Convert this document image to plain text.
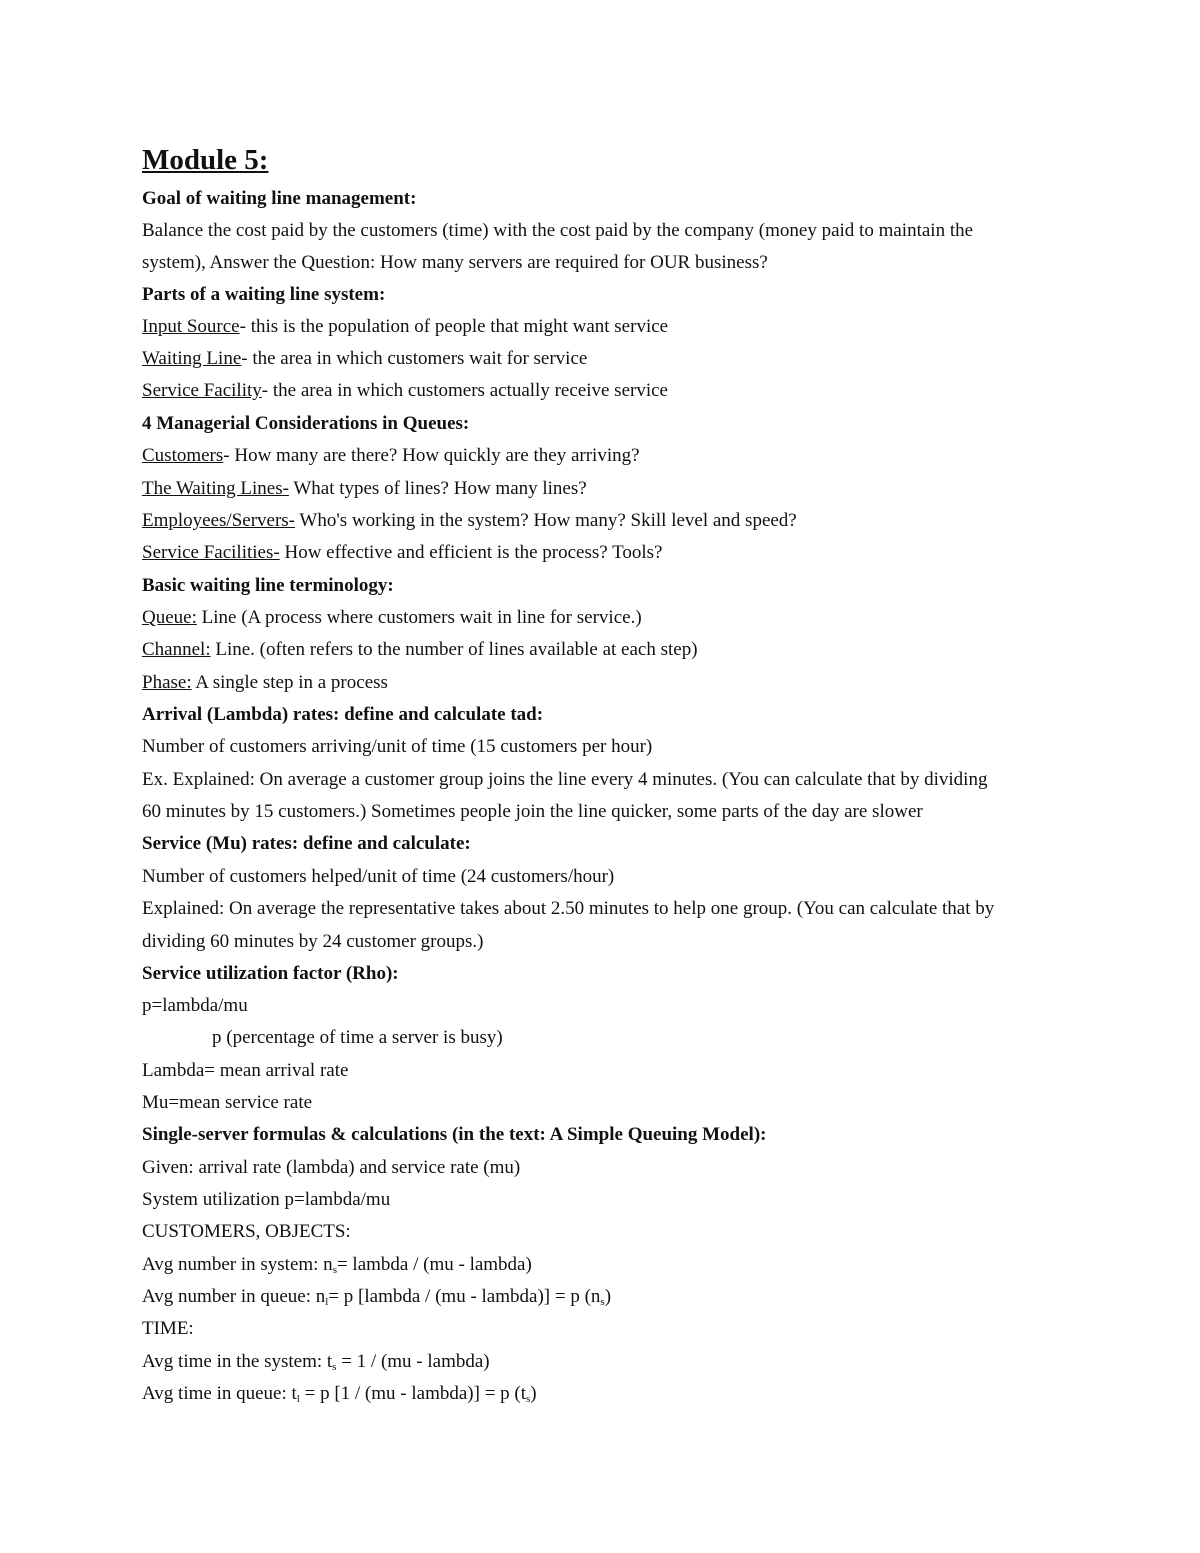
Module 5:
Goal of waiting line management:
Balance the cost paid by the customers (time) with the cost paid by the company (money paid to maintain the
system), Answer the Question: How many servers are required for OUR business?
Parts of a waiting line system:
Input Source- this is the population of people that might want service
Waiting Line- the area in which customers wait for service
Service Facility- the area in which customers actually receive service
4 Managerial Considerations in Queues:
Customers- How many are there? How quickly are they arriving?
The Waiting Lines- What types of lines? How many lines?
Employees/Servers- Who's working in the system? How many? Skill level and speed?
Service Facilities- How effective and efficient is the process? Tools?
Basic waiting line terminology:
Queue: Line (A process where customers wait in line for service.)
Channel: Line. (often refers to the number of lines available at each step)
Phase: A single step in a process
Arrival (Lambda) rates: define and calculate tad:
Number of customers arriving/unit of time (15 customers per hour)
Ex. Explained: On average a customer group joins the line every 4 minutes. (You can calculate that by dividing
60 minutes by 15 customers.) Sometimes people join the line quicker, some parts of the day are slower
Service (Mu) rates: define and calculate:
Number of customers helped/unit of time (24 customers/hour)
Explained: On average the representative takes about 2.50 minutes to help one group. (You can calculate that by
dividing 60 minutes by 24 customer groups.)
Service utilization factor (Rho):
p=lambda/mu
p (percentage of time a server is busy)
Lambda= mean arrival rate
Mu=mean service rate
Single-server formulas & calculations (in the text: A Simple Queuing Model):
Given: arrival rate (lambda) and service rate (mu)
System utilization p=lambda/mu
CUSTOMERS, OBJECTS:
Avg number in system: $n_s=$ lambda / (mu - lambda)
Avg number in queue: $n_l= p$ [lambda / (mu - lambda)] = p $(n_s)$
TIME:
Avg time in the system: $t_s = 1 / (mu$ - lambda)
Avg time in queue: $t_l = p$ [1 / (mu - lambda)] = p $(t_s)$
